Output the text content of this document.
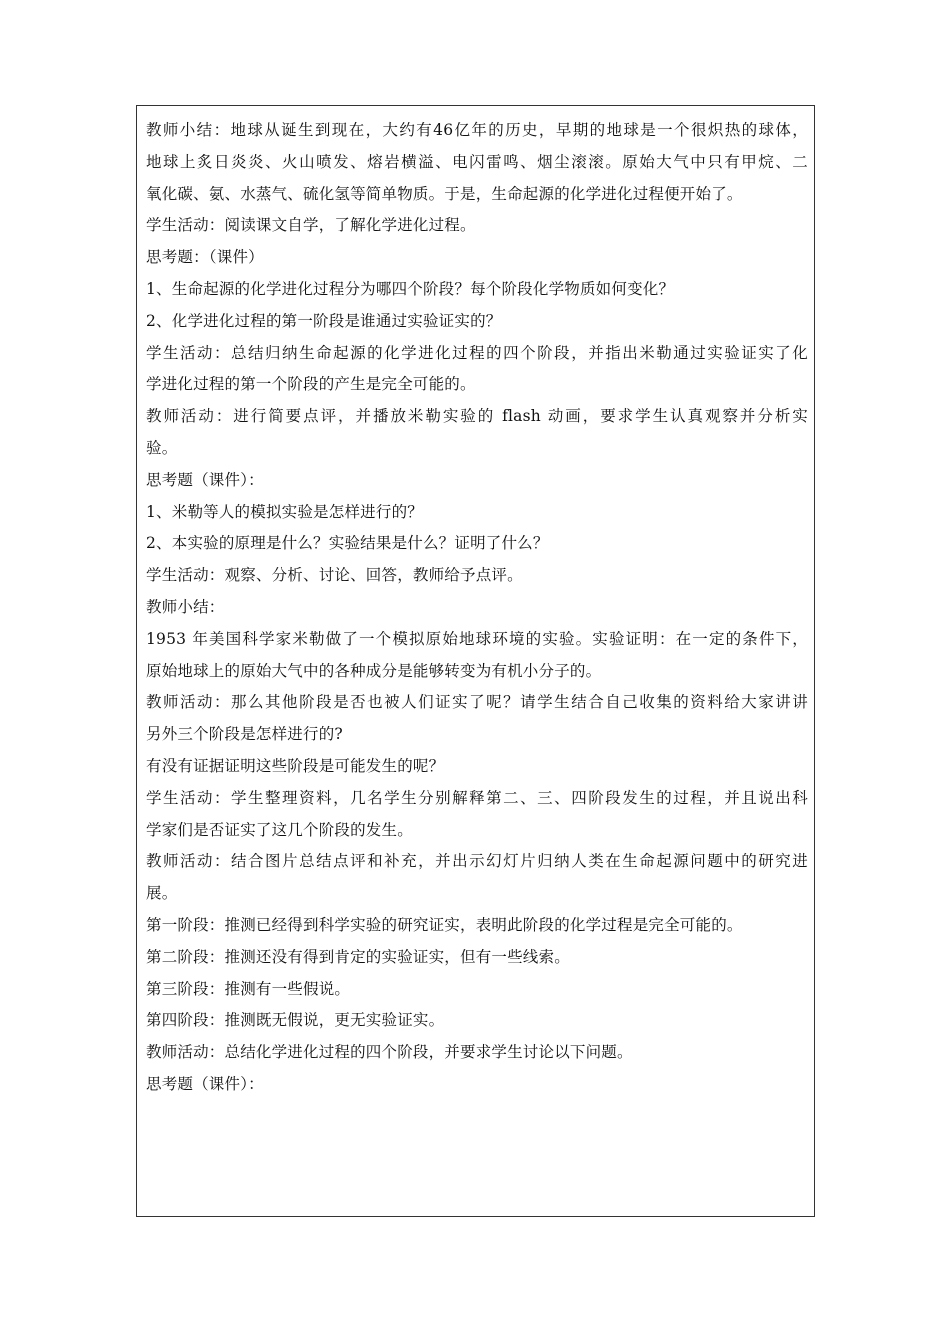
教师小结：地球从诞生到现在，大约有46亿年的历史，早期的地球是一个很炽热的球体，
地球上炙日炎炎、火山喷发、熔岩横溢、电闪雷鸣、烟尘滚滚。原始大气中只有甲烷、二
氧化碳、氨、水蒸气、硫化氢等简单物质。于是，生命起源的化学进化过程便开始了。
学生活动：阅读课文自学，了解化学进化过程。
思考题：（课件）
1、生命起源的化学进化过程分为哪四个阶段？每个阶段化学物质如何变化？
2、化学进化过程的第一阶段是谁通过实验证实的？
学生活动：总结归纳生命起源的化学进化过程的四个阶段，并指出米勒通过实验证实了化
学进化过程的第一个阶段的产生是完全可能的。
教师活动：进行简要点评，并播放米勒实验的 flash 动画，要求学生认真观察并分析实
验。
思考题（课件）：
1、米勒等人的模拟实验是怎样进行的？
2、本实验的原理是什么？实验结果是什么？证明了什么？
学生活动：观察、分析、讨论、回答，教师给予点评。
教师小结：
1953 年美国科学家米勒做了一个模拟原始地球环境的实验。实验证明：在一定的条件下，
原始地球上的原始大气中的各种成分是能够转变为有机小分子的。
教师活动：那么其他阶段是否也被人们证实了呢？请学生结合自己收集的资料给大家讲讲
另外三个阶段是怎样进行的?
有没有证据证明这些阶段是可能发生的呢？
学生活动：学生整理资料，几名学生分别解释第二、三、四阶段发生的过程，并且说出科
学家们是否证实了这几个阶段的发生。
教师活动：结合图片总结点评和补充，并出示幻灯片归纳人类在生命起源问题中的研究进
展。
第一阶段：推测已经得到科学实验的研究证实，表明此阶段的化学过程是完全可能的。
第二阶段：推测还没有得到肯定的实验证实，但有一些线索。
第三阶段：推测有一些假说。
第四阶段：推测既无假说，更无实验证实。
教师活动：总结化学进化过程的四个阶段，并要求学生讨论以下问题。
思考题（课件）：
